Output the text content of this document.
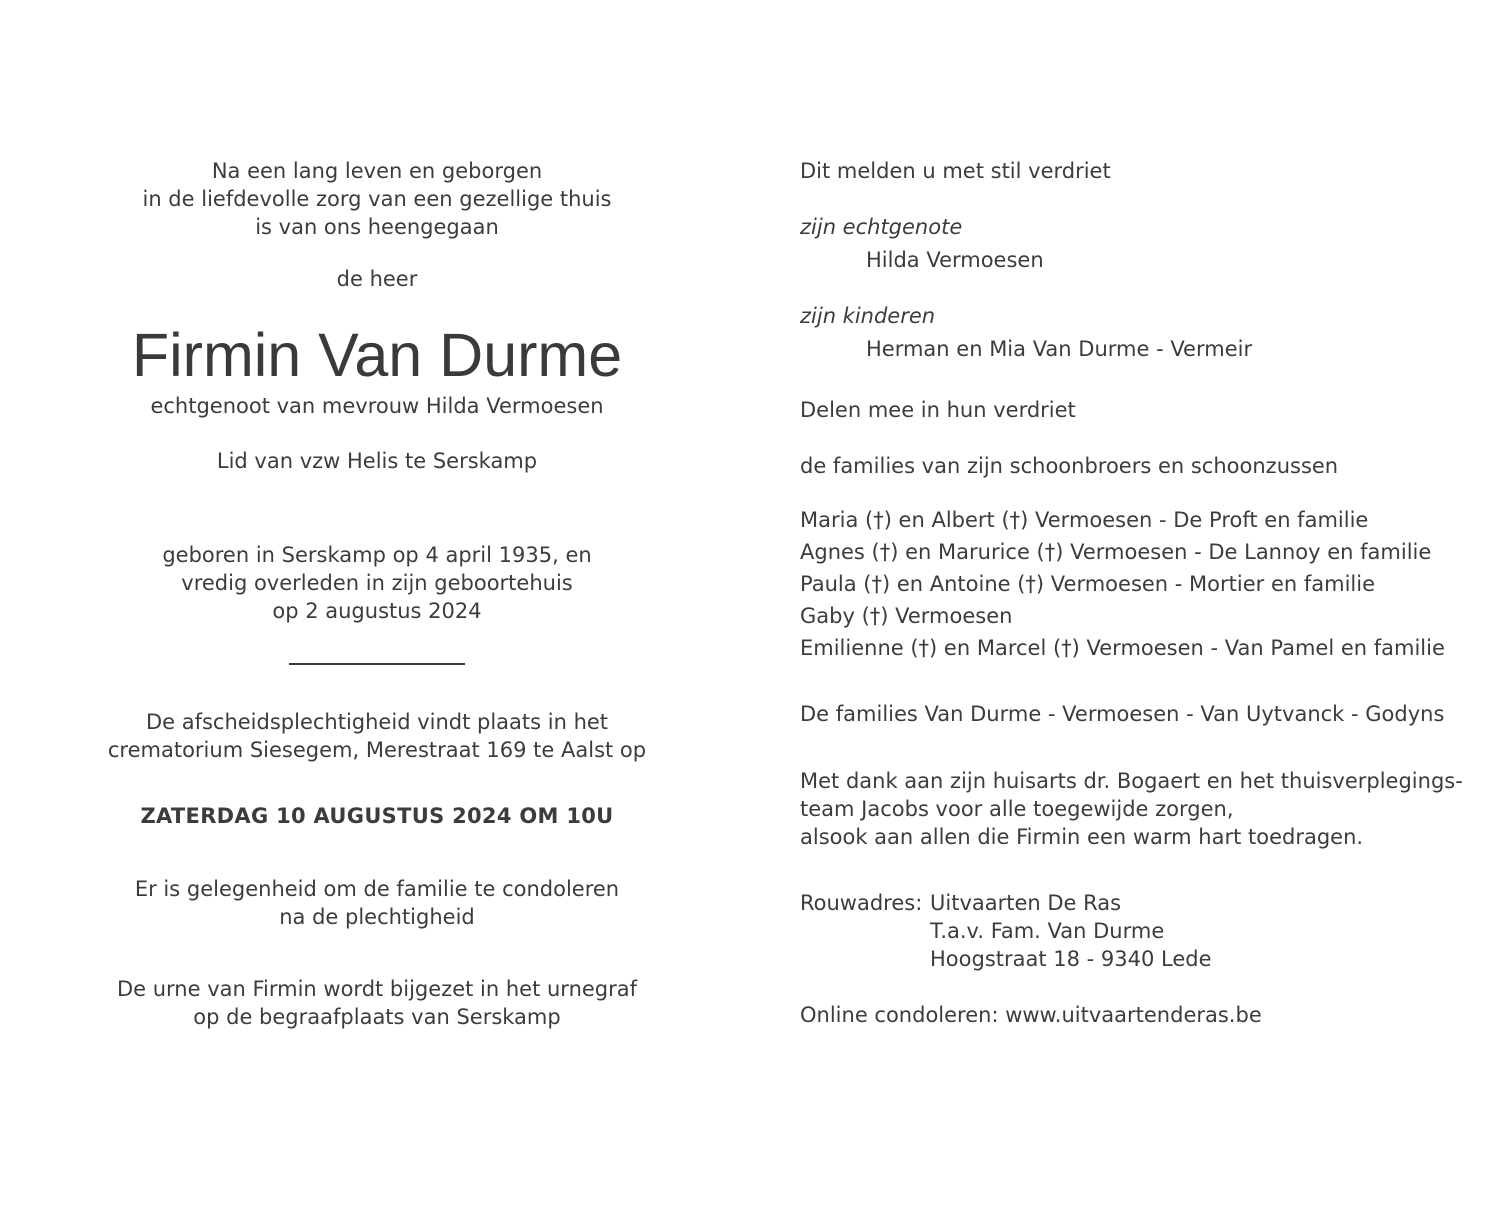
Na een lang leven en geborgen
in de liefdevolle zorg van een gezellige thuis
is van ons heengegaan
de heer
Firmin Van Durme
echtgenoot van mevrouw Hilda Vermoesen
Lid van vzw Helis te Serskamp
geboren in Serskamp op 4 april 1935, en
vredig overleden in zijn geboortehuis
op 2 augustus 2024
De afscheidsplechtigheid vindt plaats in het
crematorium Siesegem, Merestraat 169 te Aalst op
ZATERDAG 10 AUGUSTUS 2024 OM 10U
Er is gelegenheid om de familie te condoleren
na de plechtigheid
De urne van Firmin wordt bijgezet in het urnegraf
op de begraafplaats van Serskamp
Dit melden u met stil verdriet
zijn echtgenote
Hilda Vermoesen
zijn kinderen
Herman en Mia Van Durme - Vermeir
Delen mee in hun verdriet
de families van zijn schoonbroers en schoonzussen
Maria (†) en Albert (†) Vermoesen - De Proft en familie
Agnes (†) en Marurice (†) Vermoesen - De Lannoy en familie
Paula (†) en Antoine (†) Vermoesen - Mortier en familie
Gaby (†) Vermoesen
Emilienne (†) en Marcel (†) Vermoesen - Van Pamel en familie
De families Van Durme - Vermoesen - Van Uytvanck - Godyns
Met dank aan zijn huisarts dr. Bogaert en het thuisverplegings-
team Jacobs voor alle toegewijde zorgen,
alsook aan allen die Firmin een warm hart toedragen.
Rouwadres: Uitvaarten De Ras
T.a.v. Fam. Van Durme
Hoogstraat 18 - 9340 Lede
Online condoleren: www.uitvaartenderas.be
